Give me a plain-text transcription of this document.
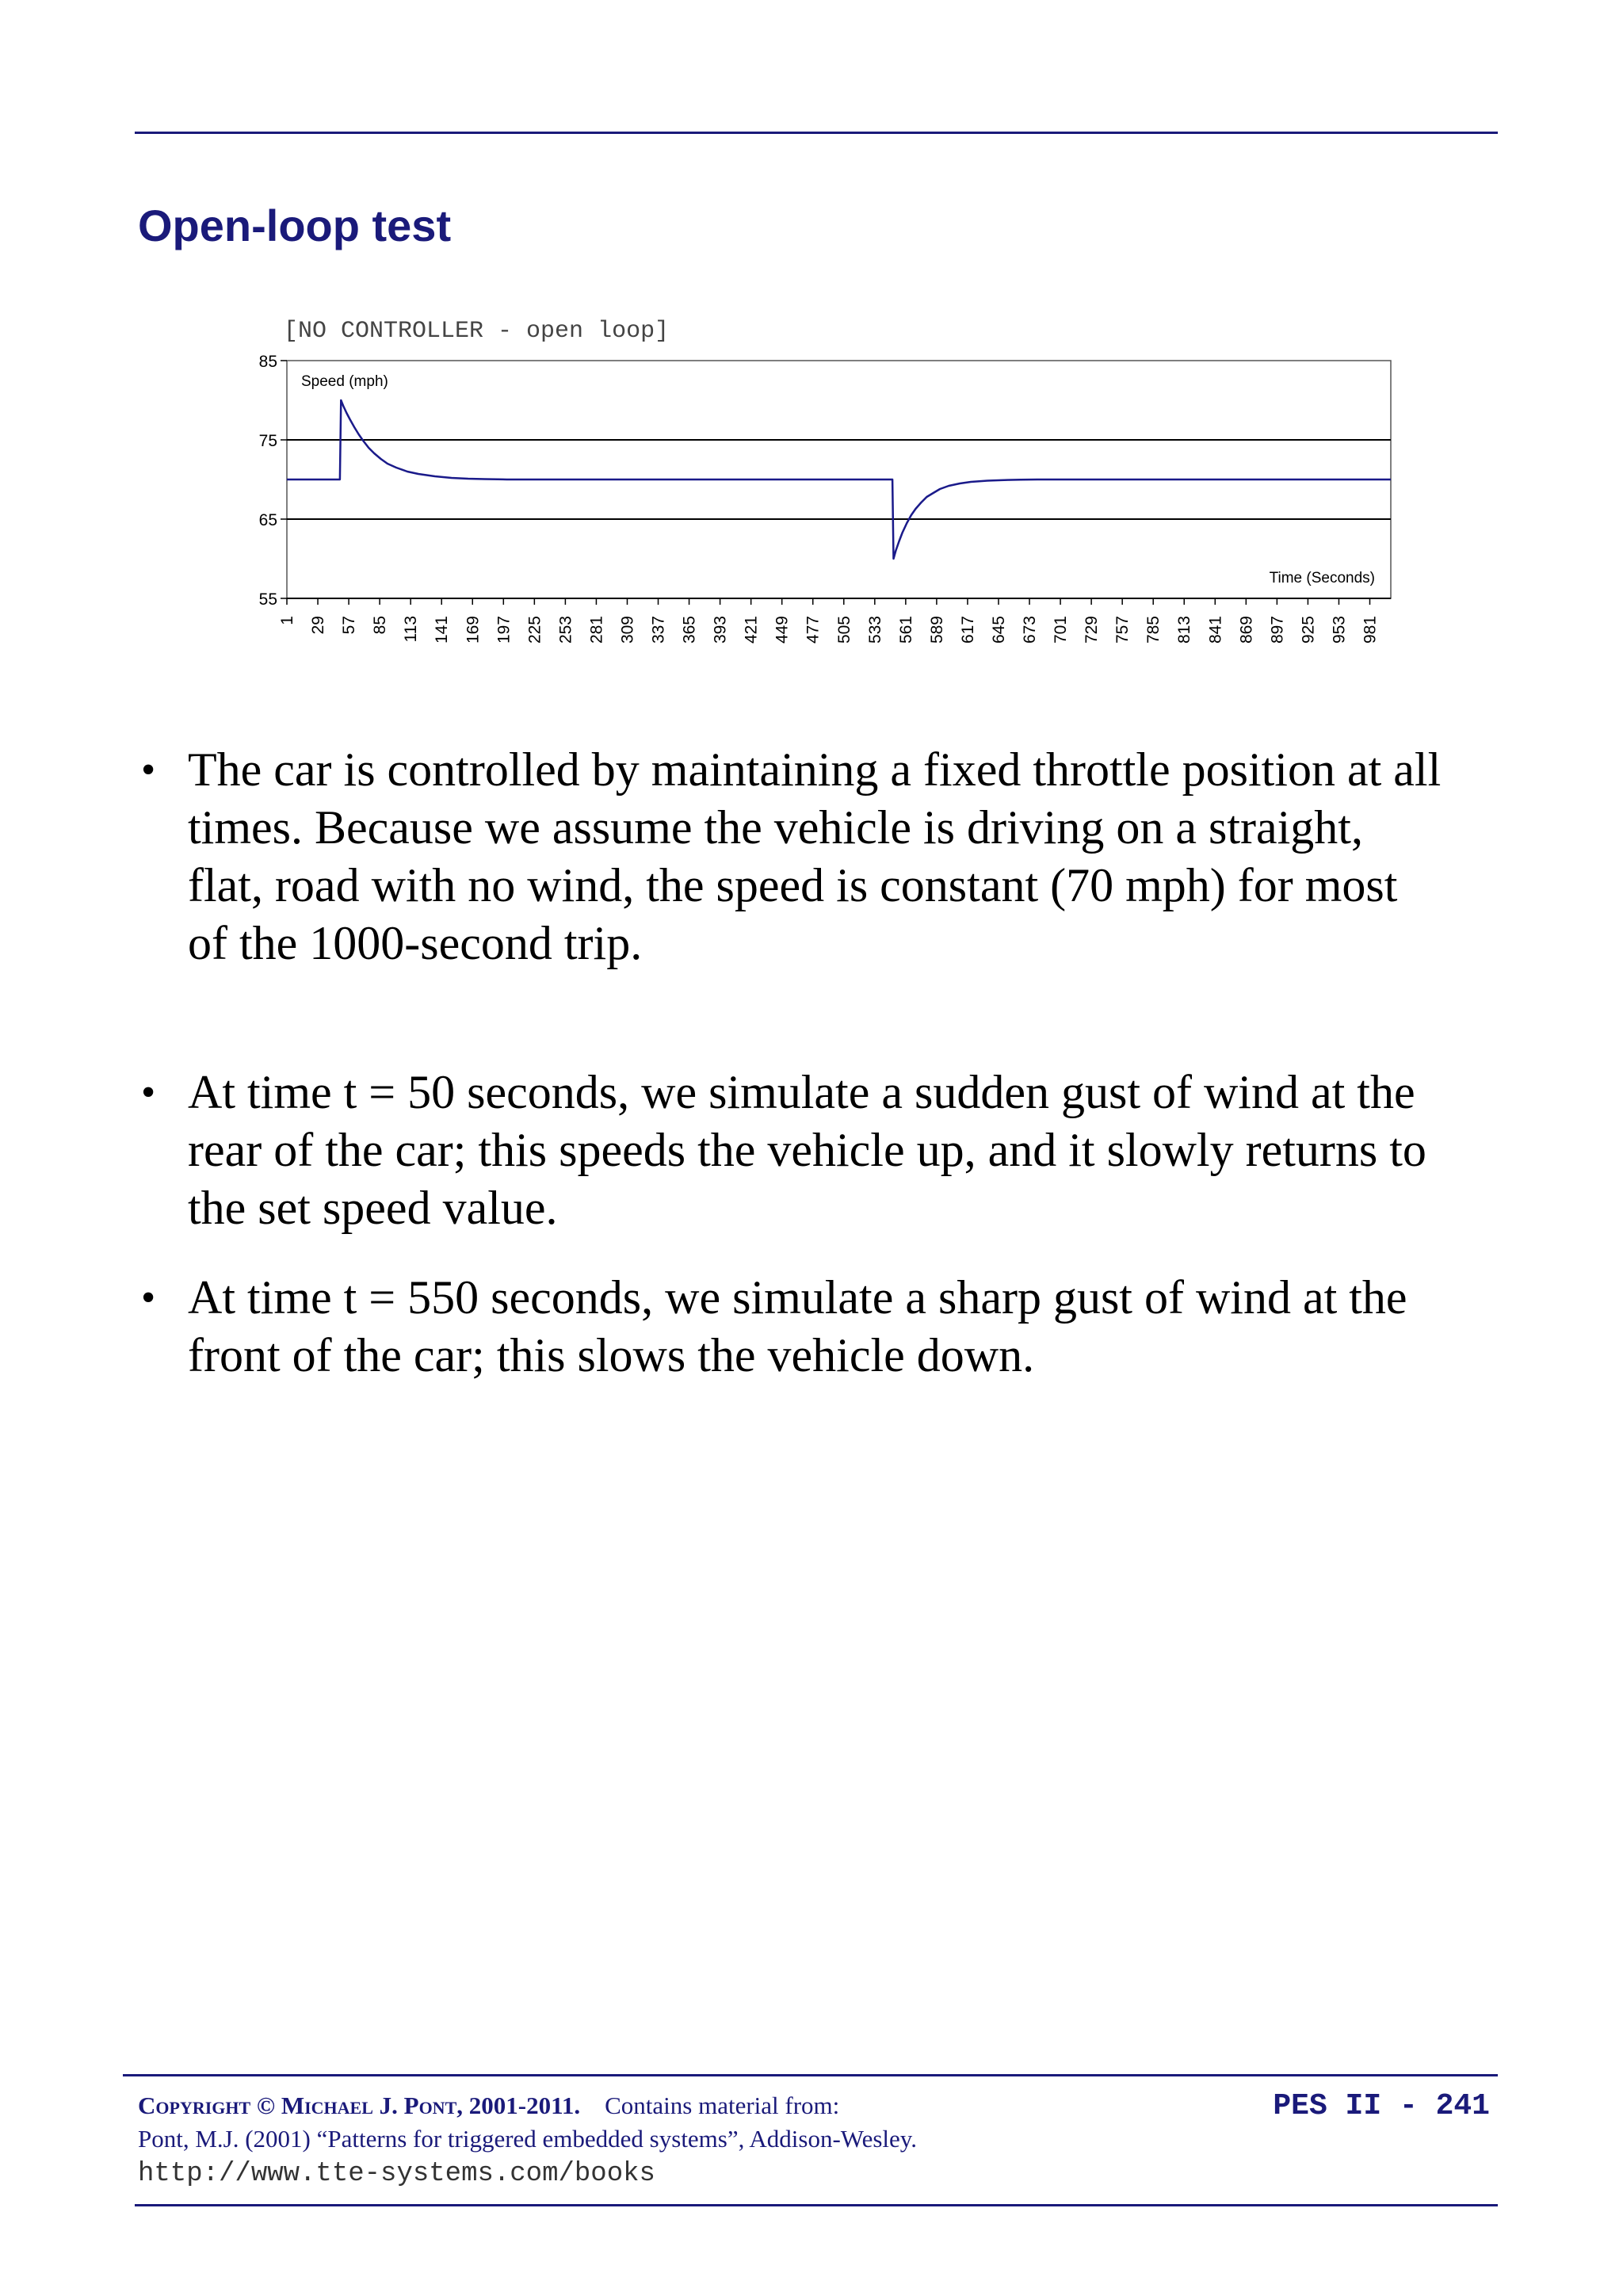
Open-loop test
[NO CONTROLLER - open loop]
55
65
75
85
1 29 57 85 113 141 169 197 225 253 281 309 337 365 393 421 449 477 505 533 561 589 617 645 673 701 729 757 785 813 841 869 897 925 953 981
Speed (mph)
Time (Seconds)
• The car is controlled by maintaining a fixed throttle position at all times. Because we assume the vehicle is driving on a straight, flat, road with no wind, the speed is constant (70 mph) for most of the 1000-second trip.
• At time t = 50 seconds, we simulate a sudden gust of wind at the rear of the car; this speeds the vehicle up, and it slowly returns to the set speed value.
• At time t = 550 seconds, we simulate a sharp gust of wind at the front of the car; this slows the vehicle down.
Copyright © Michael J. Pont, 2001-2011. Contains material from:
Pont, M.J. (2001) “Patterns for triggered embedded systems”, Addison-Wesley.
http://www.tte-systems.com/books
PES II - 241
